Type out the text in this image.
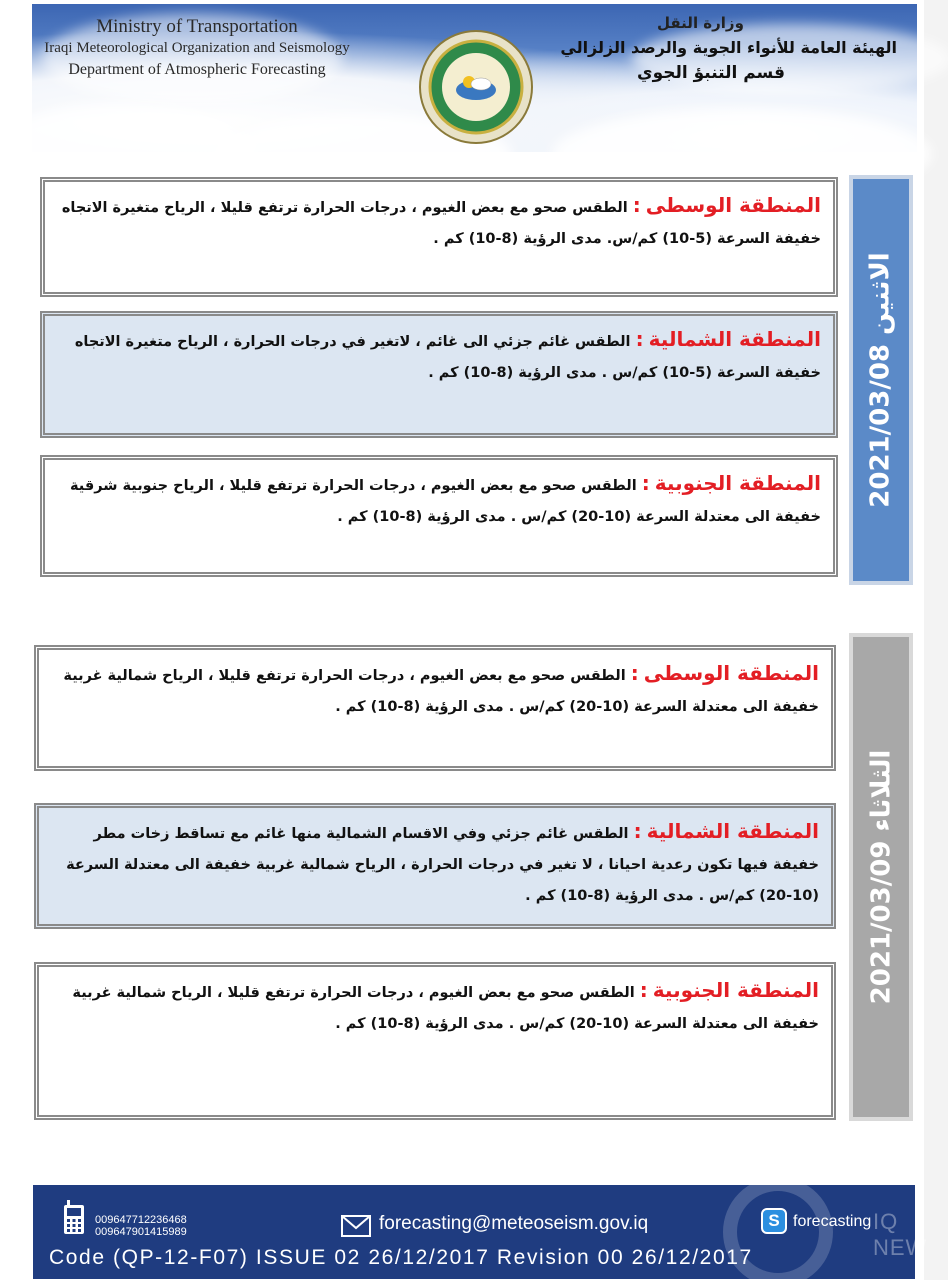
Ministry of Transportation
Iraqi Meteorological Organization and Seismology
Department of Atmospheric Forecasting
وزارة النقل
الهيئة العامة للأنواء الجوية والرصد الزلزالي
قسم التنبؤ الجوي
الاثنين 2021/03/08
المنطقة الوسطى : الطقس صحو مع بعض الغيوم ، درجات الحرارة ترتفع قليلا ، الرياح متغيرة الاتجاه خفيفة السرعة (5-10) كم/س. مدى الرؤية (8-10) كم .
المنطقة الشمالية : الطقس غائم جزئي الى غائم ، لاتغير في درجات الحرارة ، الرياح متغيرة الاتجاه خفيفة السرعة (5-10) كم/س . مدى الرؤية (8-10) كم .
المنطقة الجنوبية : الطقس صحو مع بعض الغيوم ، درجات الحرارة ترتفع قليلا ، الرياح جنوبية شرقية خفيفة الى معتدلة السرعة (10-20) كم/س . مدى الرؤية (8-10) كم .
الثلاثاء 2021/03/09
المنطقة الوسطى : الطقس صحو مع بعض الغيوم ، درجات الحرارة ترتفع قليلا ، الرياح شمالية غربية خفيفة الى معتدلة السرعة (10-20) كم/س . مدى الرؤية (8-10) كم .
المنطقة الشمالية : الطقس غائم جزئي وفي الاقسام الشمالية منها غائم مع تساقط زخات مطر خفيفة فيها تكون رعدية احيانا ، لا تغير في درجات الحرارة ، الرياح شمالية غربية خفيفة الى معتدلة السرعة (10-20) كم/س . مدى الرؤية (8-10) كم .
المنطقة الجنوبية : الطقس صحو مع بعض الغيوم ، درجات الحرارة ترتفع قليلا ، الرياح شمالية غربية خفيفة الى معتدلة السرعة (10-20) كم/س . مدى الرؤية (8-10) كم .
009647712236468
009647901415989	forecasting@meteoseism.gov.iq	S forecasting IQ NEW
Code (QP-12-F07) ISSUE 02 26/12/2017 Revision 00 26/12/2017
